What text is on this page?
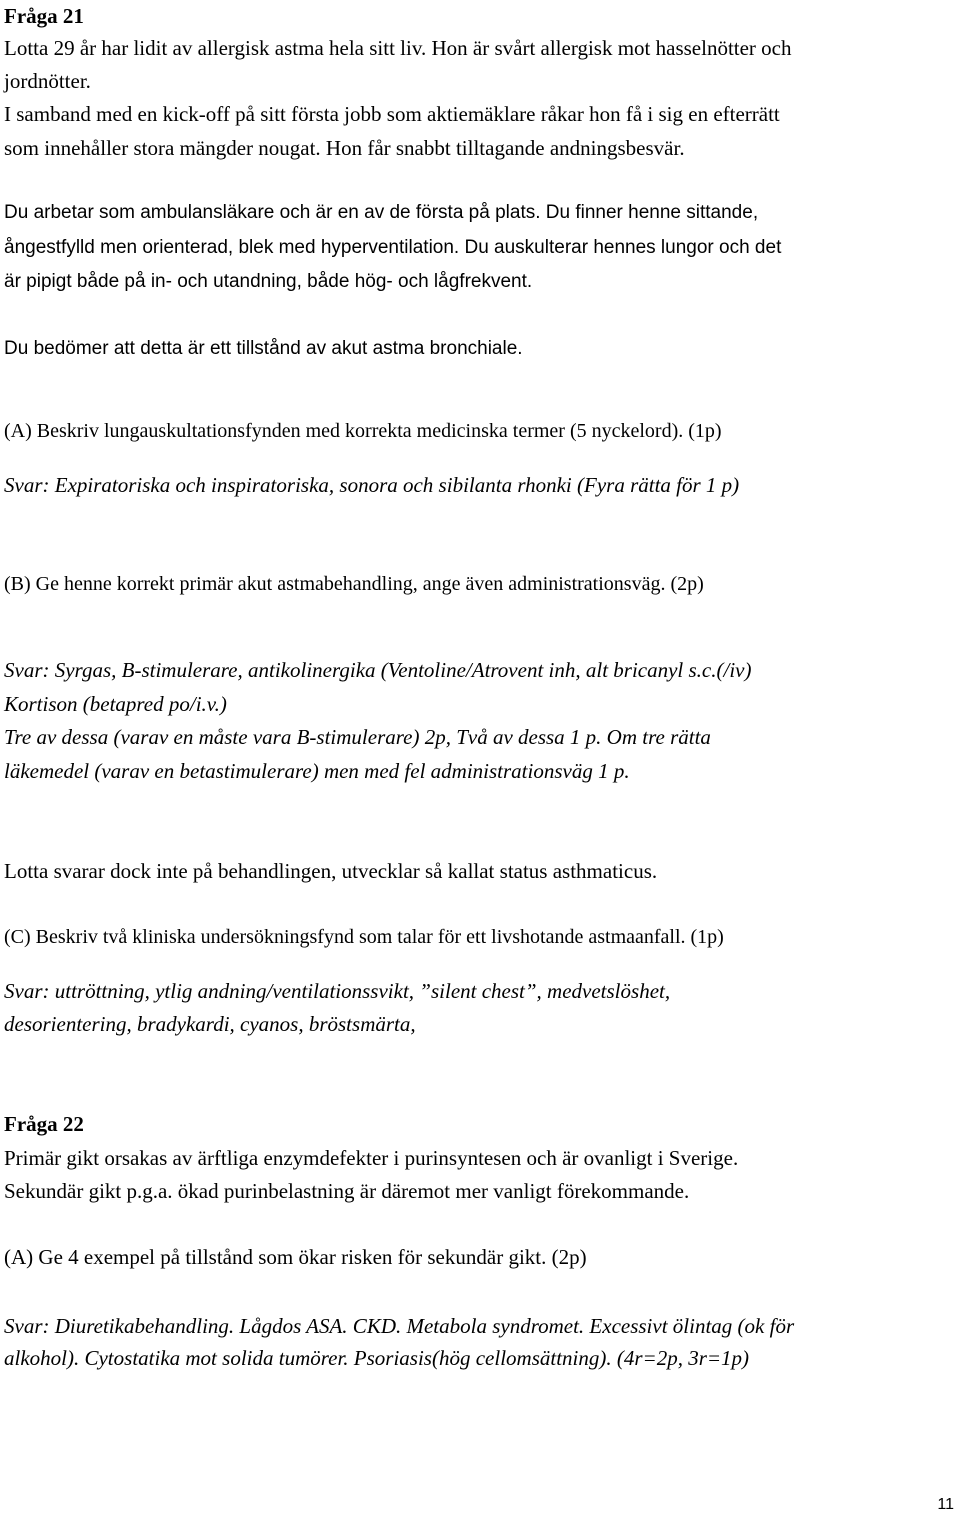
Fråga 21
Lotta 29 år har lidit av allergisk astma hela sitt liv. Hon är svårt allergisk mot hasselnötter och
jordnötter.
I samband med en kick-off på sitt första jobb som aktiemäklare råkar hon få i sig en efterrätt
som innehåller stora mängder nougat. Hon får snabbt tilltagande andningsbesvär.
Du arbetar som ambulansläkare och är en av de första på plats. Du finner henne sittande,
ångestfylld men orienterad, blek med hyperventilation. Du auskulterar hennes lungor och det
är pipigt både på in- och utandning, både hög- och lågfrekvent.
Du bedömer att detta är ett tillstånd av akut astma bronchiale.
(A) Beskriv lungauskultationsfynden med korrekta medicinska termer (5 nyckelord). (1p)
Svar: Expiratoriska och inspiratoriska, sonora och sibilanta rhonki (Fyra rätta för 1 p)
(B) Ge henne korrekt primär akut astmabehandling, ange även administrationsväg. (2p)
Svar: Syrgas, B-stimulerare, antikolinergika (Ventoline/Atrovent inh, alt bricanyl s.c.(/iv)
Kortison (betapred po/i.v.)
Tre av dessa (varav en måste vara B-stimulerare) 2p, Två av dessa 1 p. Om tre rätta
läkemedel (varav en betastimulerare) men med fel administrationsväg 1 p.
Lotta svarar dock inte på behandlingen, utvecklar så kallat status asthmaticus.
(C) Beskriv två kliniska undersökningsfynd som talar för ett livshotande astmaanfall. (1p)
Svar: uttröttning, ytlig andning/ventilationssvikt, ”silent chest”, medvetslöshet,
desorientering, bradykardi, cyanos, bröstsmärta,
Fråga 22
Primär gikt orsakas av ärftliga enzymdefekter i purinsyntesen och är ovanligt i Sverige.
Sekundär gikt p.g.a. ökad purinbelastning är däremot mer vanligt förekommande.
(A) Ge 4 exempel på tillstånd som ökar risken för sekundär gikt. (2p)
Svar: Diuretikabehandling. Lågdos ASA. CKD. Metabola syndromet. Excessivt ölintag (ok för
alkohol). Cytostatika mot solida tumörer. Psoriasis(hög cellomsättning). (4r=2p, 3r=1p)
11
